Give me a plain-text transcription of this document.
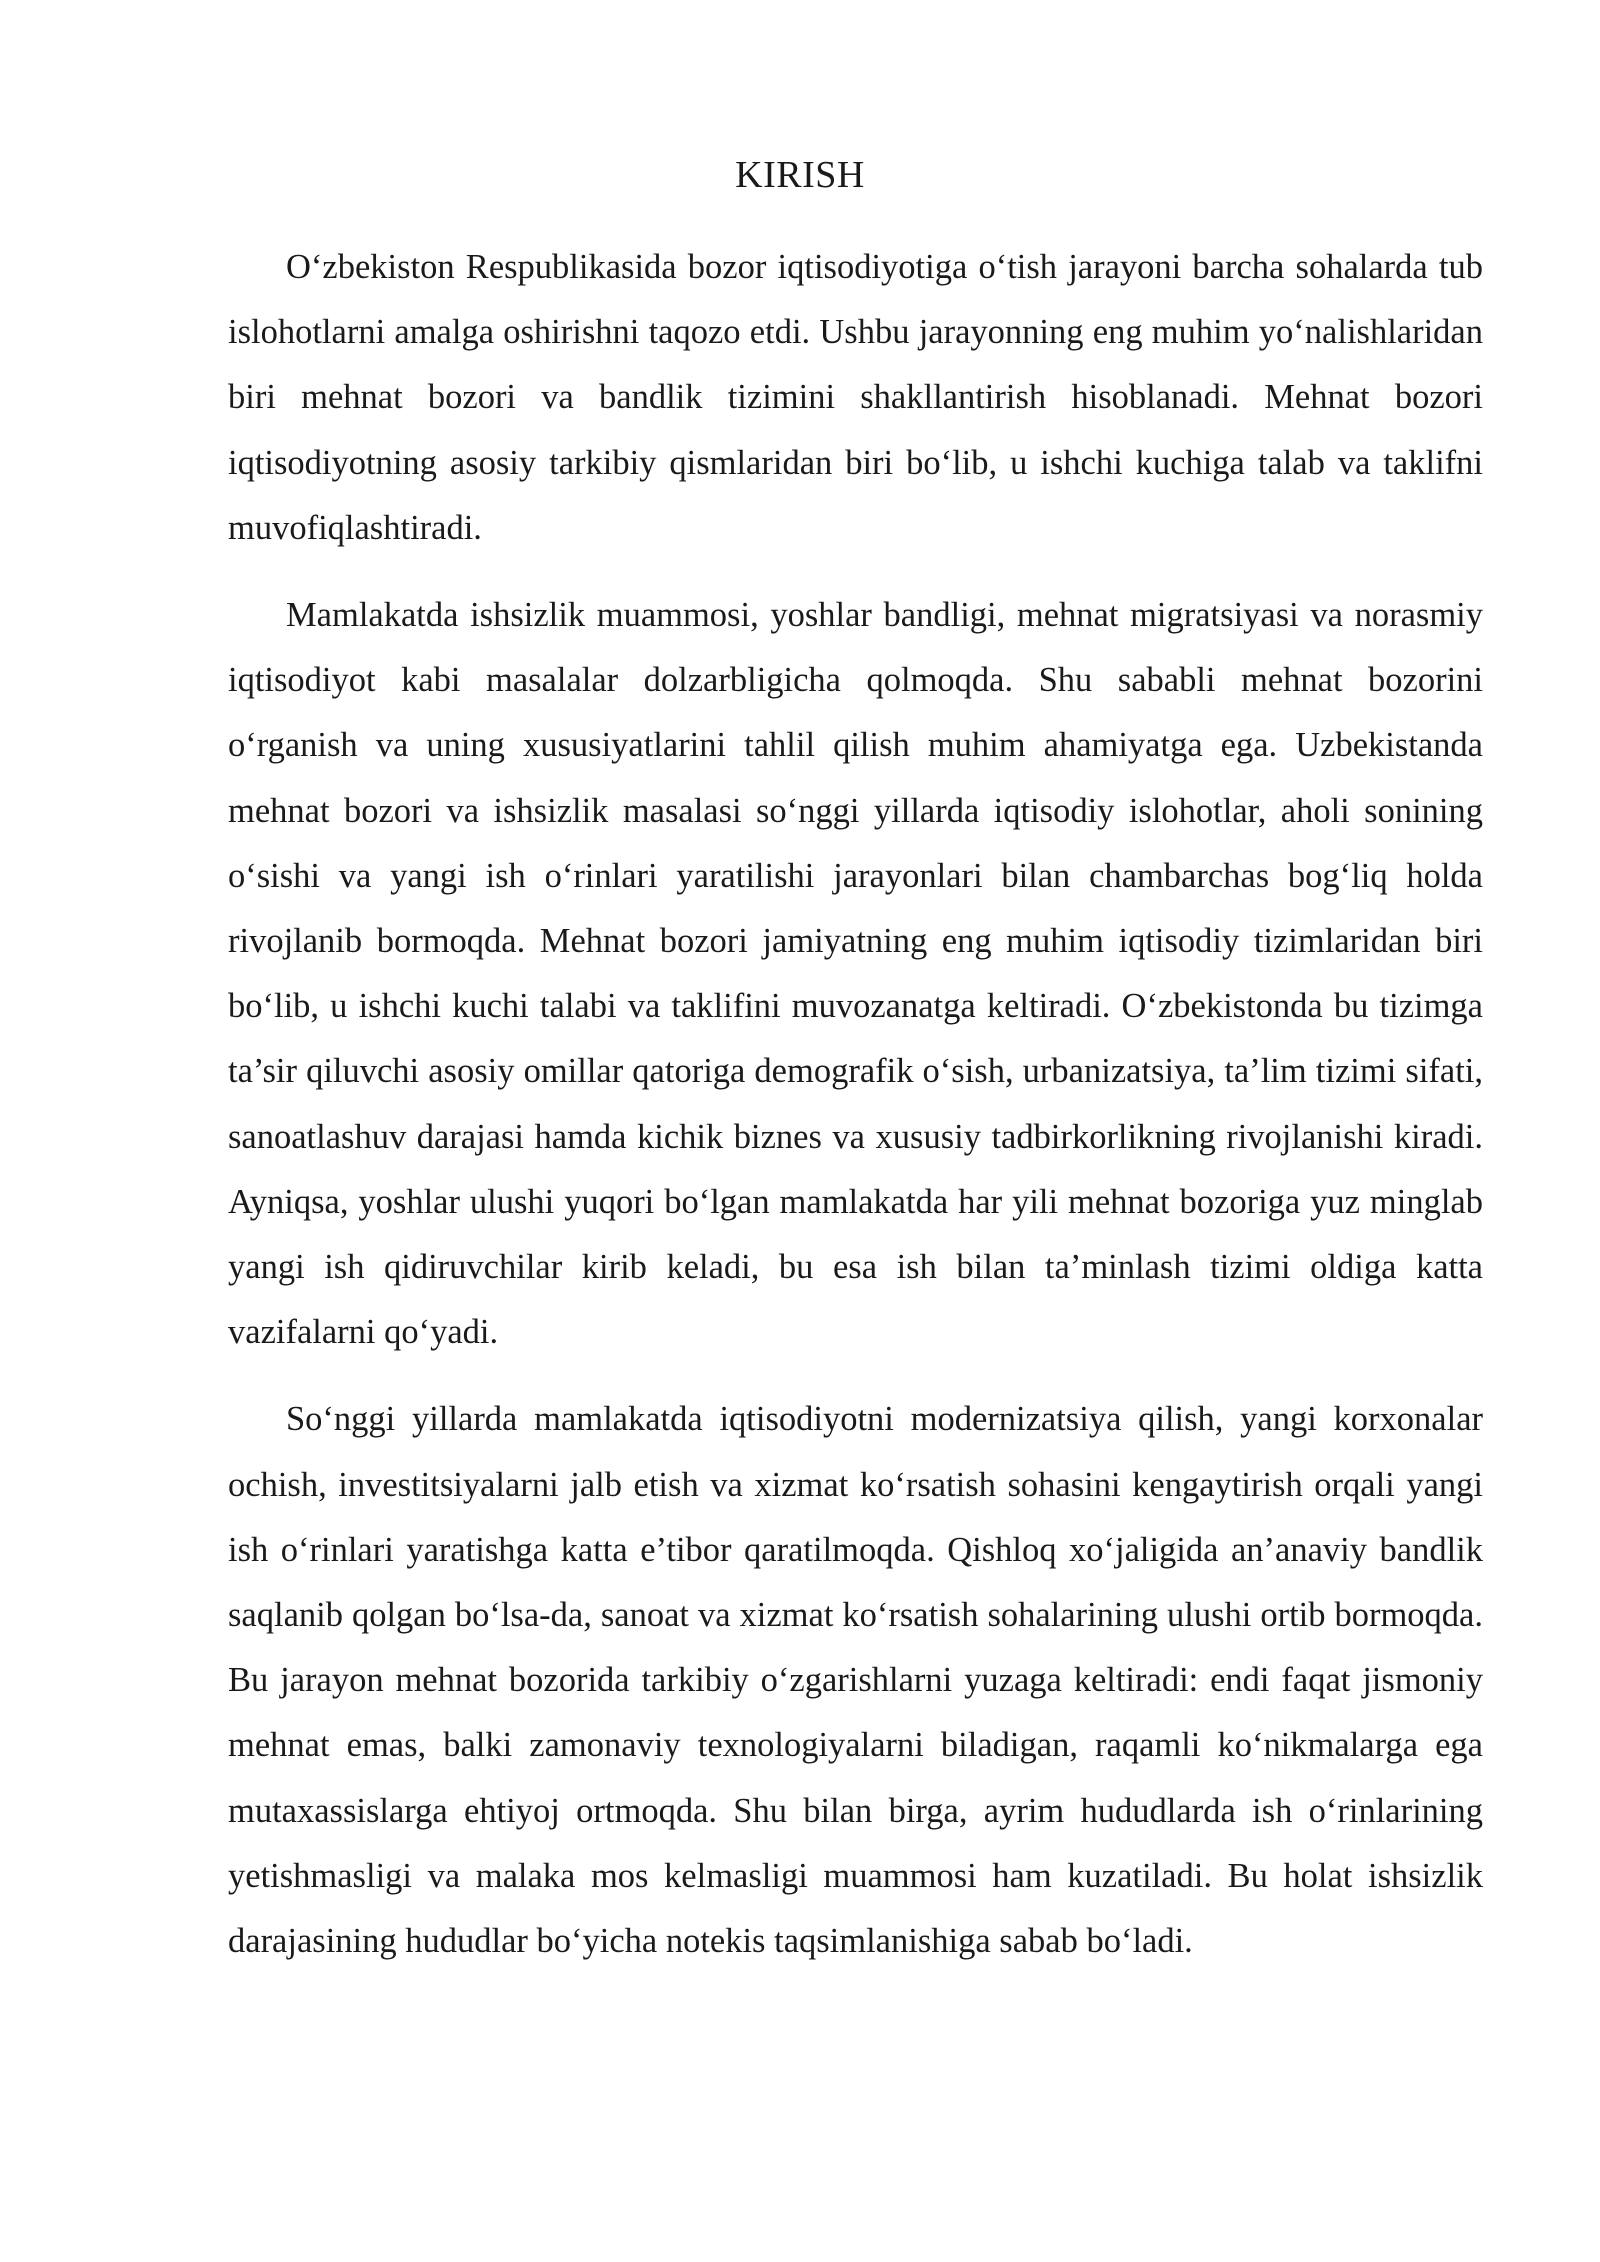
KIRISH

O‘zbekiston Respublikasida bozor iqtisodiyotiga o‘tish jarayoni barcha sohalarda tub islohotlarni amalga oshirishni taqozo etdi. Ushbu jarayonning eng muhim yo‘nalishlaridan biri mehnat bozori va bandlik tizimini shakllantirish hisoblanadi. Mehnat bozori iqtisodiyotning asosiy tarkibiy qismlaridan biri bo‘lib, u ishchi kuchiga talab va taklifni muvofiqlashtiradi.

Mamlakatda ishsizlik muammosi, yoshlar bandligi, mehnat migratsiyasi va norasmiy iqtisodiyot kabi masalalar dolzarbligicha qolmoqda. Shu sababli mehnat bozorini o‘rganish va uning xususiyatlarini tahlil qilish muhim ahamiyatga ega. Uzbekistanda mehnat bozori va ishsizlik masalasi so‘nggi yillarda iqtisodiy islohotlar, aholi sonining o‘sishi va yangi ish o‘rinlari yaratilishi jarayonlari bilan chambarchas bog‘liq holda rivojlanib bormoqda. Mehnat bozori jamiyatning eng muhim iqtisodiy tizimlaridan biri bo‘lib, u ishchi kuchi talabi va taklifini muvozanatga keltiradi. O‘zbekistonda bu tizimga ta’sir qiluvchi asosiy omillar qatoriga demografik o‘sish, urbanizatsiya, ta’lim tizimi sifati, sanoatlashuv darajasi hamda kichik biznes va xususiy tadbirkorlikning rivojlanishi kiradi. Ayniqsa, yoshlar ulushi yuqori bo‘lgan mamlakatda har yili mehnat bozoriga yuz minglab yangi ish qidiruvchilar kirib keladi, bu esa ish bilan ta’minlash tizimi oldiga katta vazifalarni qo‘yadi.

So‘nggi yillarda mamlakatda iqtisodiyotni modernizatsiya qilish, yangi korxonalar ochish, investitsiyalarni jalb etish va xizmat ko‘rsatish sohasini kengaytirish orqali yangi ish o‘rinlari yaratishga katta e’tibor qaratilmoqda. Qishloq xo‘jaligida an’anaviy bandlik saqlanib qolgan bo‘lsa-da, sanoat va xizmat ko‘rsatish sohalarining ulushi ortib bormoqda. Bu jarayon mehnat bozorida tarkibiy o‘zgarishlarni yuzaga keltiradi: endi faqat jismoniy mehnat emas, balki zamonaviy texnologiyalarni biladigan, raqamli ko‘nikmalarga ega mutaxassislarga ehtiyoj ortmoqda. Shu bilan birga, ayrim hududlarda ish o‘rinlarining yetishmasligi va malaka mos kelmasligi muammosi ham kuzatiladi. Bu holat ishsizlik darajasining hududlar bo‘yicha notekis taqsimlanishiga sabab bo‘ladi.
